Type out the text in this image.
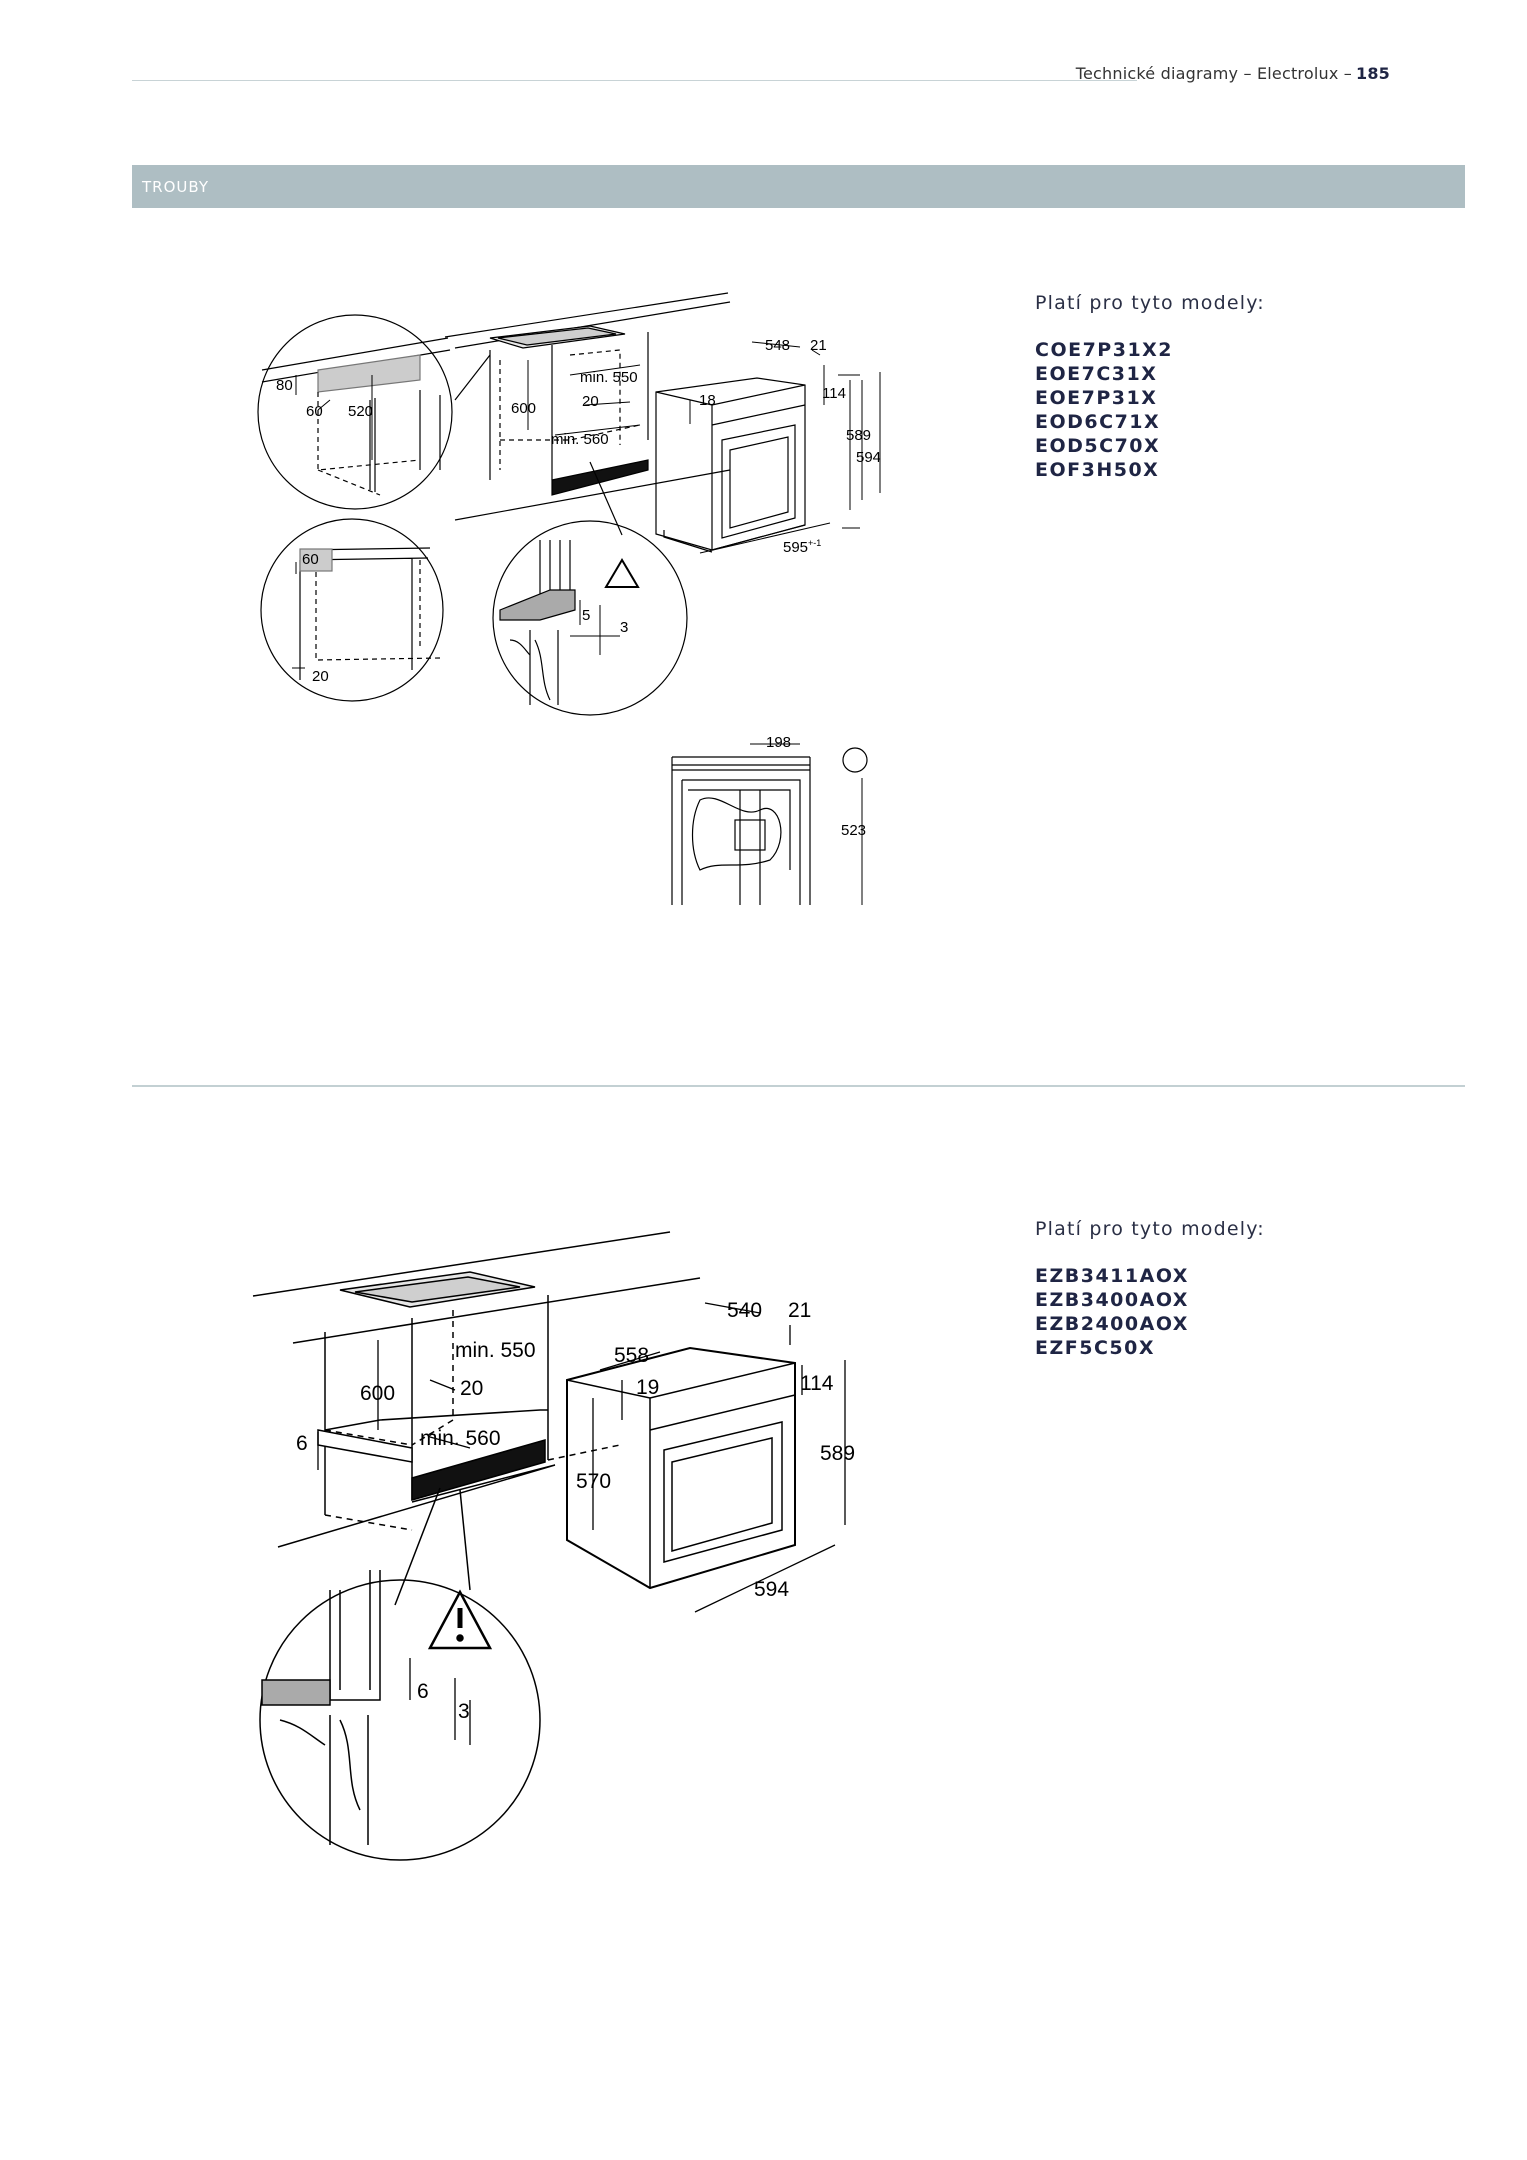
Technické diagramy – Electrolux – 185
TROUBY
Platí pro tyto modely:
COE7P31X2
EOE7C31X
EOE7P31X
EOD6C71X
EOD5C70X
EOF3H50X
Platí pro tyto modely:
EZB3411AOX
EZB3400AOX
EZB2400AOX
EZF5C50X
80
60 520	600
min. 550
20
min. 560
548 21
114
18
589
594
$595^{+-1}$
60
20
5
3
198
523
600
min. 550
20
6	min. 560
558
540 21
19	114
589
570
594
6
3
